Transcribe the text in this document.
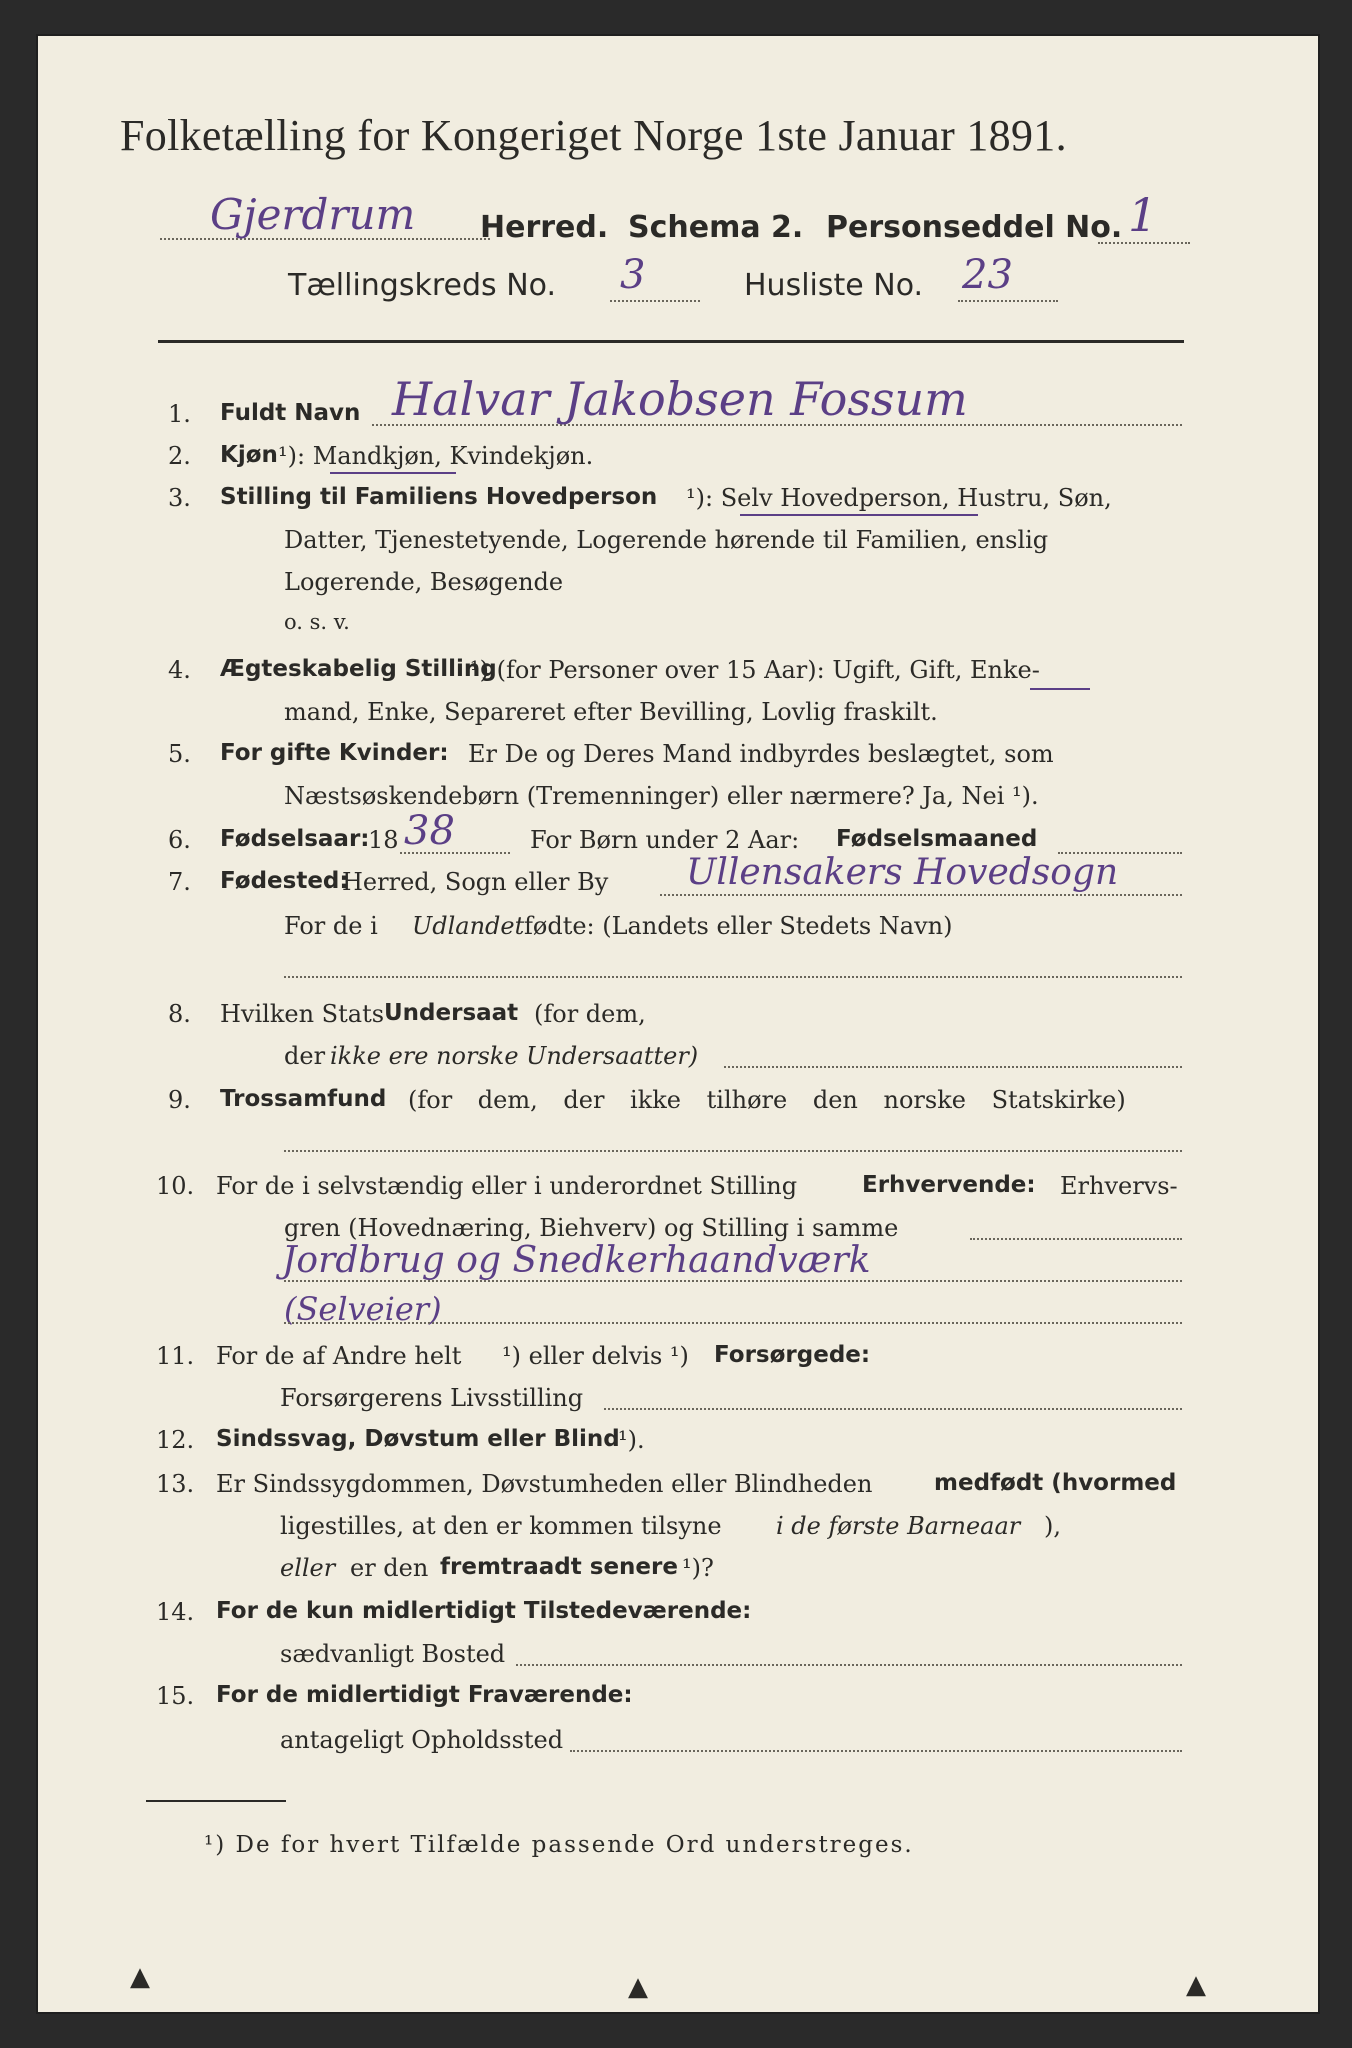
Folketælling for Kongeriget Norge 1ste Januar 1891.
Gjerdrum Herred. Schema 2. Personseddel No. 1
Tællingskreds No. 3	Husliste No. 23
1. Fuldt Navn Halvar Jakobsen Fossum
2. Kjøn ¹): Mandkjøn, Kvindekjøn.
3. Stilling til Familiens Hovedperson ¹): Selv Hovedperson, Hustru, Søn,
Datter, Tjenestetyende, Logerende hørende til Familien, enslig
Logerende, Besøgende
o. s. v.
4. Ægteskabelig Stilling
¹) (for Personer over 15 Aar): Ugift, Gift, Enke-
mand, Enke, Separeret efter Bevilling, Lovlig fraskilt.
5. For gifte Kvinder: Er De og Deres Mand indbyrdes beslægtet, som
Næstsøskendebørn (Tremenninger) eller nærmere? Ja, Nei ¹).
6. Fødselsaar:
18 38	For Børn under 2 Aar: Fødselsmaaned
7. Fødested:
Herred, Sogn eller By Ullensakers Hovedsogn
For de i Udlandet fødte: (Landets eller Stedets Navn)
8. Hvilken Stats Undersaat (for dem,
der ikke ere norske Undersaatter)
9. Trossamfund (for dem, der ikke tilhøre den norske Statskirke)
10. For de i selvstændig eller i underordnet Stilling	Erhvervende: Erhvervs-
gren (Hovednæring, Biehverv) og Stilling i samme
Jordbrug og Snedkerhaandværk
(Selveier)
11. For de af Andre helt ¹) eller delvis ¹) Forsørgede:
Forsørgerens Livsstilling
12. Sindssvag, Døvstum eller Blind
¹).
13. Er Sindssygdommen, Døvstumheden eller Blindheden	medfødt (hvormed
ligestilles, at den er kommen tilsyne i de første Barneaar ),
eller er den fremtraadt senere ¹)?
14. For de kun midlertidigt Tilstedeværende:
sædvanligt Bosted
15. For de midlertidigt Fraværende:
antageligt Opholdssted
¹) De for hvert Tilfælde passende Ord understreges.
▲	▲	▲
